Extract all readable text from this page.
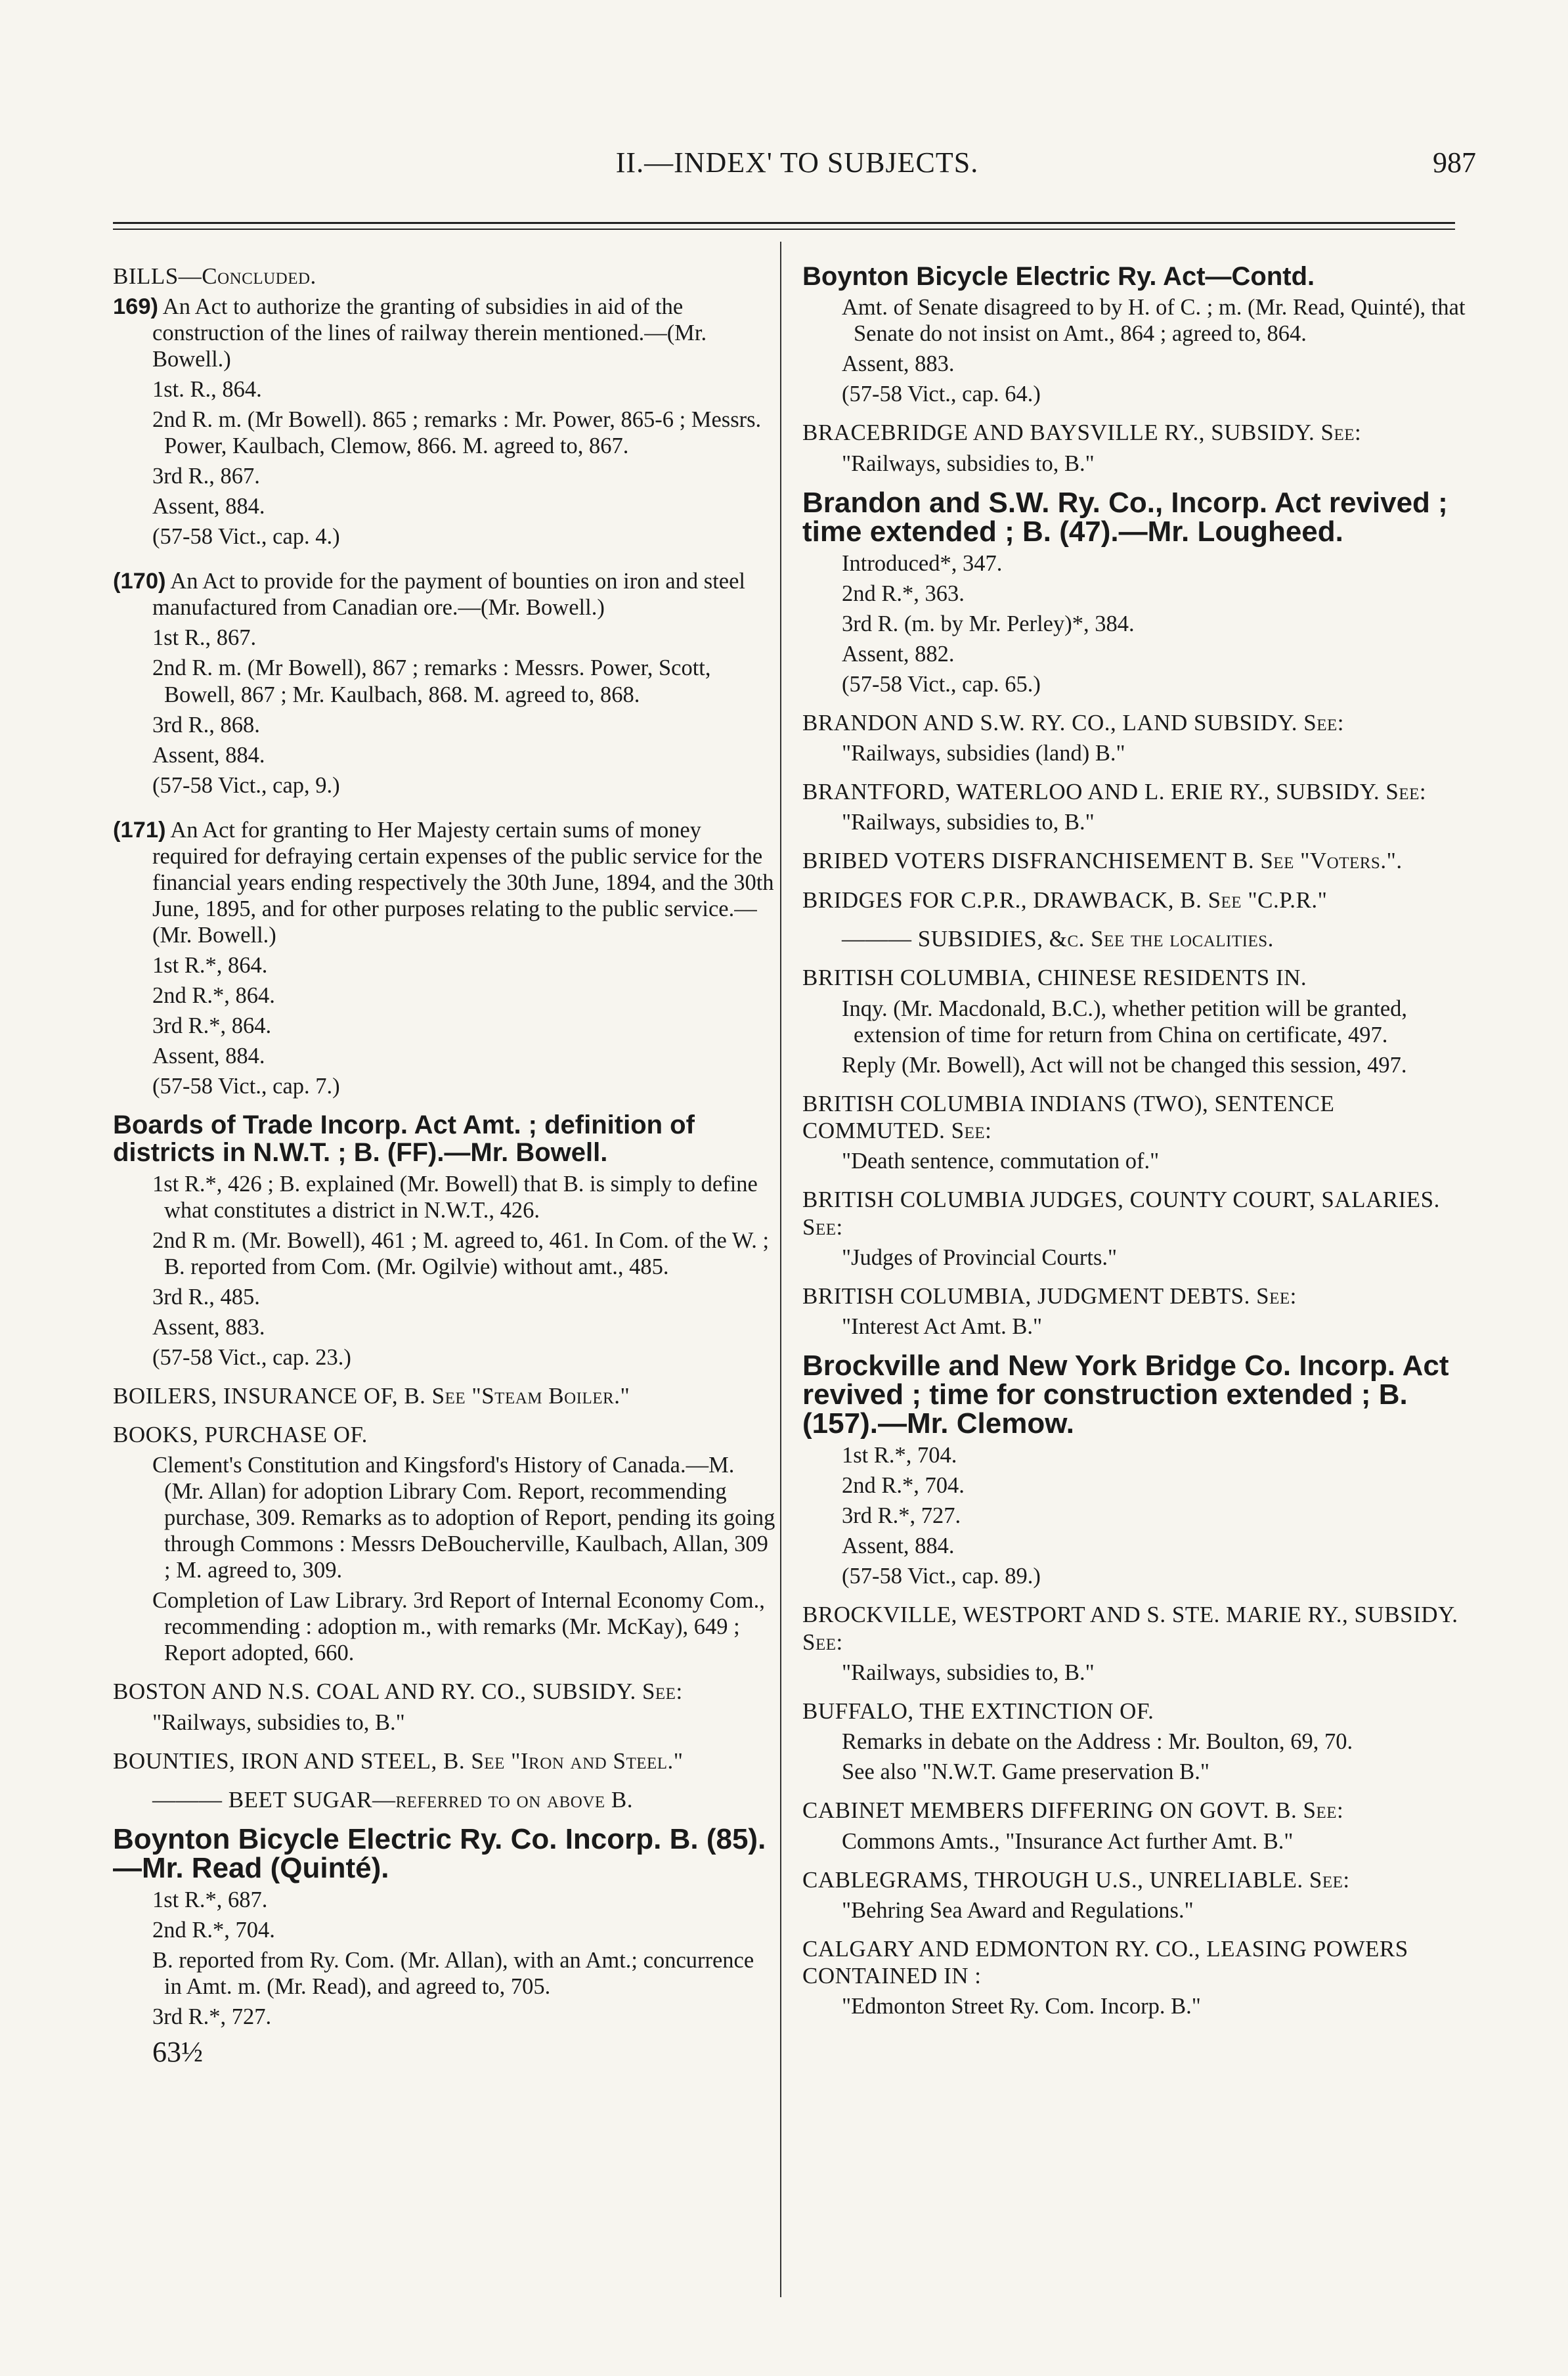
II.—INDEX' TO SUBJECTS.	987
BILLS—Concluded.
169) An Act to authorize the granting of subsidies in aid of the construction of the lines of railway therein mentioned.—(Mr. Bowell.)
1st. R., 864.
2nd R. m. (Mr Bowell). 865 ; remarks : Mr. Power, 865-6 ; Messrs. Power, Kaulbach, Clemow, 866. M. agreed to, 867.
3rd R., 867.
Assent, 884.
(57-58 Vict., cap. 4.)
(170) An Act to provide for the payment of bounties on iron and steel manufactured from Canadian ore.—(Mr. Bowell.)
1st R., 867.
2nd R. m. (Mr Bowell), 867 ; remarks : Messrs. Power, Scott, Bowell, 867 ; Mr. Kaulbach, 868. M. agreed to, 868.
3rd R., 868.
Assent, 884.
(57-58 Vict., cap, 9.)
(171) An Act for granting to Her Majesty certain sums of money required for defraying certain expenses of the public service for the financial years ending respectively the 30th June, 1894, and the 30th June, 1895, and for other purposes relating to the public service.—(Mr. Bowell.)
1st R.*, 864.
2nd R.*, 864.
3rd R.*, 864.
Assent, 884.
(57-58 Vict., cap. 7.)
Boards of Trade Incorp. Act Amt. ; definition of districts in N.W.T. ; B. (FF).—Mr. Bowell.
1st R.*, 426 ; B. explained (Mr. Bowell) that B. is simply to define what constitutes a district in N.W.T., 426.
2nd R m. (Mr. Bowell), 461 ; M. agreed to, 461. In Com. of the W. ; B. reported from Com. (Mr. Ogilvie) without amt., 485.
3rd R., 485.
Assent, 883.
(57-58 Vict., cap. 23.)
BOILERS, INSURANCE OF, B. See "Steam Boiler."
BOOKS, PURCHASE OF.
Clement's Constitution and Kingsford's History of Canada.—M. (Mr. Allan) for adoption Library Com. Report, recommending purchase, 309. Remarks as to adoption of Report, pending its going through Commons : Messrs DeBoucherville, Kaulbach, Allan, 309 ; M. agreed to, 309.
Completion of Law Library. 3rd Report of Internal Economy Com., recommending : adoption m., with remarks (Mr. McKay), 649 ; Report adopted, 660.
BOSTON AND N.S. COAL AND RY. CO., SUBSIDY. See:
"Railways, subsidies to, B."
BOUNTIES, IRON AND STEEL, B. See "Iron and Steel."
——— BEET SUGAR—referred to on above B.
Boynton Bicycle Electric Ry. Co. Incorp. B. (85).—Mr. Read (Quinté).
1st R.*, 687.
2nd R.*, 704.
B. reported from Ry. Com. (Mr. Allan), with an Amt.; concurrence in Amt. m. (Mr. Read), and agreed to, 705.
3rd R.*, 727.
63½
Boynton Bicycle Electric Ry. Act—Contd.
Amt. of Senate disagreed to by H. of C. ; m. (Mr. Read, Quinté), that Senate do not insist on Amt., 864 ; agreed to, 864.
Assent, 883.
(57-58 Vict., cap. 64.)
BRACEBRIDGE AND BAYSVILLE RY., SUBSIDY. See:
"Railways, subsidies to, B."
Brandon and S.W. Ry. Co., Incorp. Act revived ; time extended ; B. (47).—Mr. Lougheed.
Introduced*, 347.
2nd R.*, 363.
3rd R. (m. by Mr. Perley)*, 384.
Assent, 882.
(57-58 Vict., cap. 65.)
BRANDON AND S.W. RY. CO., LAND SUBSIDY. See:
"Railways, subsidies (land) B."
BRANTFORD, WATERLOO AND L. ERIE RY., SUBSIDY. See:
"Railways, subsidies to, B."
BRIBED VOTERS DISFRANCHISEMENT B. See "Voters.".
BRIDGES FOR C.P.R., DRAWBACK, B. See "C.P.R."
——— SUBSIDIES, &c. See the localities.
BRITISH COLUMBIA, CHINESE RESIDENTS IN.
Inqy. (Mr. Macdonald, B.C.), whether petition will be granted, extension of time for return from China on certificate, 497.
Reply (Mr. Bowell), Act will not be changed this session, 497.
BRITISH COLUMBIA INDIANS (TWO), SENTENCE COMMUTED. See:
"Death sentence, commutation of."
BRITISH COLUMBIA JUDGES, COUNTY COURT, SALARIES. See:
"Judges of Provincial Courts."
BRITISH COLUMBIA, JUDGMENT DEBTS. See:
"Interest Act Amt. B."
Brockville and New York Bridge Co. Incorp. Act revived ; time for construction extended ; B. (157).—Mr. Clemow.
1st R.*, 704.
2nd R.*, 704.
3rd R.*, 727.
Assent, 884.
(57-58 Vict., cap. 89.)
BROCKVILLE, WESTPORT AND S. STE. MARIE RY., SUBSIDY. See:
"Railways, subsidies to, B."
BUFFALO, THE EXTINCTION OF.
Remarks in debate on the Address : Mr. Boulton, 69, 70.
See also "N.W.T. Game preservation B."
CABINET MEMBERS DIFFERING ON GOVT. B. See:
Commons Amts., "Insurance Act further Amt. B."
CABLEGRAMS, THROUGH U.S., UNRELIABLE. See:
"Behring Sea Award and Regulations."
CALGARY AND EDMONTON RY. CO., LEASING POWERS CONTAINED IN :
"Edmonton Street Ry. Com. Incorp. B."
